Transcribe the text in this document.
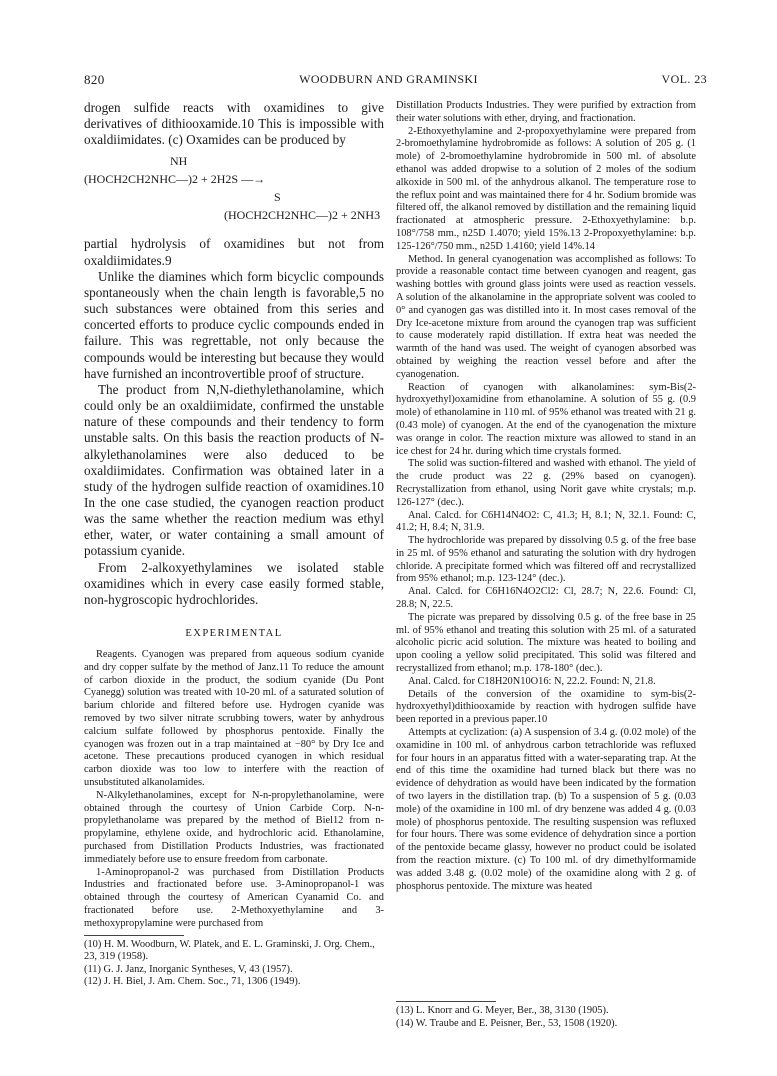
820	WOODBURN AND GRAMINSKI	VOL. 23

drogen sulfide reacts with oxamidines to give derivatives of dithiooxamide.10 This is impossible with oxaldiimidates. (c) Oxamides can be produced by

NH
(HOCH2CH2NHC—)2 + 2H2S —→
S
(HOCH2CH2NHC—)2 + 2NH3

partial hydrolysis of oxamidines but not from oxaldiimidates.9

Unlike the diamines which form bicyclic compounds spontaneously when the chain length is favorable,5 no such substances were obtained from this series and concerted efforts to produce cyclic compounds ended in failure. This was regrettable, not only because the compounds would be interesting but because they would have furnished an incontrovertible proof of structure.

The product from N,N-diethylethanolamine, which could only be an oxaldiimidate, confirmed the unstable nature of these compounds and their tendency to form unstable salts. On this basis the reaction products of N-alkylethanolamines were also deduced to be oxaldiimidates. Confirmation was obtained later in a study of the hydrogen sulfide reaction of oxamidines.10 In the one case studied, the cyanogen reaction product was the same whether the reaction medium was ethyl ether, water, or water containing a small amount of potassium cyanide.

From 2-alkoxyethylamines we isolated stable oxamidines which in every case easily formed stable, non-hygroscopic hydrochlorides.

EXPERIMENTAL

Reagents. Cyanogen was prepared from aqueous sodium cyanide and dry copper sulfate by the method of Janz.11 To reduce the amount of carbon dioxide in the product, the sodium cyanide (Du Pont Cyanegg) solution was treated with 10-20 ml. of a saturated solution of barium chloride and filtered before use. Hydrogen cyanide was removed by two silver nitrate scrubbing towers, water by anhydrous calcium sulfate followed by phosphorus pentoxide. Finally the cyanogen was frozen out in a trap maintained at −80° by Dry Ice and acetone. These precautions produced cyanogen in which residual carbon dioxide was too low to interfere with the reaction of unsubstituted alkanolamides.

N-Alkylethanolamines, except for N-n-propylethanolamine, were obtained through the courtesy of Union Carbide Corp. N-n-propylethanolame was prepared by the method of Biel12 from n-propylamine, ethylene oxide, and hydrochloric acid. Ethanolamine, purchased from Distillation Products Industries, was fractionated immediately before use to ensure freedom from carbonate.

1-Aminopropanol-2 was purchased from Distillation Products Industries and fractionated before use. 3-Aminopropanol-1 was obtained through the courtesy of American Cyanamid Co. and fractionated before use. 2-Methoxyethylamine and 3-methoxypropylamine were purchased from

(10) H. M. Woodburn, W. Platek, and E. L. Graminski, J. Org. Chem., 23, 319 (1958).

(11) G. J. Janz, Inorganic Syntheses, V, 43 (1957).

(12) J. H. Biel, J. Am. Chem. Soc., 71, 1306 (1949).

Distillation Products Industries. They were purified by extraction from their water solutions with ether, drying, and fractionation.

2-Ethoxyethylamine and 2-propoxyethylamine were prepared from 2-bromoethylamine hydrobromide as follows: A solution of 205 g. (1 mole) of 2-bromoethylamine hydrobromide in 500 ml. of absolute ethanol was added dropwise to a solution of 2 moles of the sodium alkoxide in 500 ml. of the anhydrous alkanol. The temperature rose to the reflux point and was maintained there for 4 hr. Sodium bromide was filtered off, the alkanol removed by distillation and the remaining liquid fractionated at atmospheric pressure. 2-Ethoxyethylamine: b.p. 108°/758 mm., n25D 1.4070; yield 15%.13 2-Propoxyethylamine: b.p. 125-126°/750 mm., n25D 1.4160; yield 14%.14

Method. In general cyanogenation was accomplished as follows: To provide a reasonable contact time between cyanogen and reagent, gas washing bottles with ground glass joints were used as reaction vessels. A solution of the alkanolamine in the appropriate solvent was cooled to 0° and cyanogen gas was distilled into it. In most cases removal of the Dry Ice-acetone mixture from around the cyanogen trap was sufficient to cause moderately rapid distillation. If extra heat was needed the warmth of the hand was used. The weight of cyanogen absorbed was obtained by weighing the reaction vessel before and after the cyanogenation.

Reaction of cyanogen with alkanolamines: sym-Bis(2-hydroxyethyl)oxamidine from ethanolamine. A solution of 55 g. (0.9 mole) of ethanolamine in 110 ml. of 95% ethanol was treated with 21 g. (0.43 mole) of cyanogen. At the end of the cyanogenation the mixture was orange in color. The reaction mixture was allowed to stand in an ice chest for 24 hr. during which time crystals formed.

The solid was suction-filtered and washed with ethanol. The yield of the crude product was 22 g. (29% based on cyanogen). Recrystallization from ethanol, using Norit gave white crystals; m.p. 126-127° (dec.).

Anal. Calcd. for C6H14N4O2: C, 41.3; H, 8.1; N, 32.1. Found: C, 41.2; H, 8.4; N, 31.9.

The hydrochloride was prepared by dissolving 0.5 g. of the free base in 25 ml. of 95% ethanol and saturating the solution with dry hydrogen chloride. A precipitate formed which was filtered off and recrystallized from 95% ethanol; m.p. 123-124° (dec.).

Anal. Calcd. for C6H16N4O2Cl2: Cl, 28.7; N, 22.6. Found: Cl, 28.8; N, 22.5.

The picrate was prepared by dissolving 0.5 g. of the free base in 25 ml. of 95% ethanol and treating this solution with 25 ml. of a saturated alcoholic picric acid solution. The mixture was heated to boiling and upon cooling a yellow solid precipitated. This solid was filtered and recrystallized from ethanol; m.p. 178-180° (dec.).

Anal. Calcd. for C18H20N10O16: N, 22.2. Found: N, 21.8.

Details of the conversion of the oxamidine to sym-bis(2-hydroxyethyl)dithiooxamide by reaction with hydrogen sulfide have been reported in a previous paper.10

Attempts at cyclization: (a) A suspension of 3.4 g. (0.02 mole) of the oxamidine in 100 ml. of anhydrous carbon tetrachloride was refluxed for four hours in an apparatus fitted with a water-separating trap. At the end of this time the oxamidine had turned black but there was no evidence of dehydration as would have been indicated by the formation of two layers in the distillation trap. (b) To a suspension of 5 g. (0.03 mole) of the oxamidine in 100 ml. of dry benzene was added 4 g. (0.03 mole) of phosphorus pentoxide. The resulting suspension was refluxed for four hours. There was some evidence of dehydration since a portion of the pentoxide became glassy, however no product could be isolated from the reaction mixture. (c) To 100 ml. of dry dimethylformamide was added 3.48 g. (0.02 mole) of the oxamidine along with 2 g. of phosphorus pentoxide. The mixture was heated

(13) L. Knorr and G. Meyer, Ber., 38, 3130 (1905).

(14) W. Traube and E. Peisner, Ber., 53, 1508 (1920).
